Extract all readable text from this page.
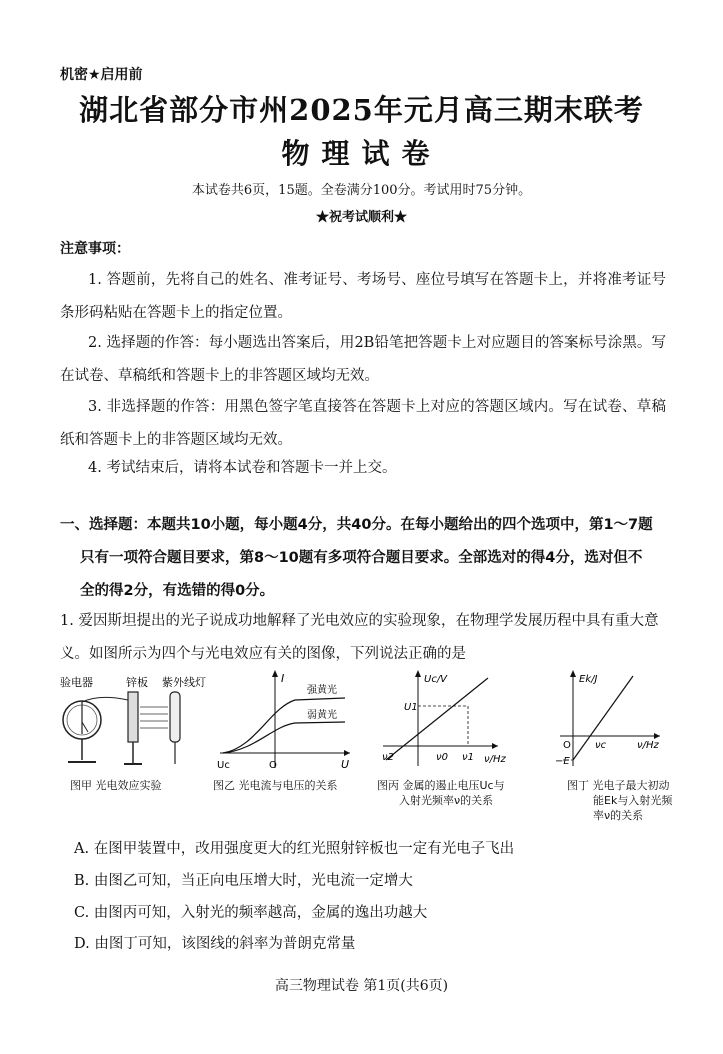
机密★启用前
湖北省部分市州2025年元月高三期末联考
物理试卷
本试卷共6页，15题。全卷满分100分。考试用时75分钟。
★祝考试顺利★
注意事项：
1. 答题前，先将自己的姓名、准考证号、考场号、座位号填写在答题卡上，并将准考证号条形码粘贴在答题卡上的指定位置。
2. 选择题的作答：每小题选出答案后，用2B铅笔把答题卡上对应题目的答案标号涂黑。写在试卷、草稿纸和答题卡上的非答题区域均无效。
3. 非选择题的作答：用黑色签字笔直接答在答题卡上对应的答题区域内。写在试卷、草稿纸和答题卡上的非答题区域均无效。
4. 考试结束后，请将本试卷和答题卡一并上交。
一、选择题：本题共10小题，每小题4分，共40分。在每小题给出的四个选项中，第1～7题
只有一项符合题目要求，第8～10题有多项符合题目要求。全部选对的得4分，选对但不
全的得2分，有选错的得0分。
1. 爱因斯坦提出的光子说成功地解释了光电效应的实验现象，在物理学发展历程中具有重大意义。如图所示为四个与光电效应有关的图像，下列说法正确的是
验电器	锌板 紫外线灯
图甲 光电效应实验
I
U
O
Uc
强黄光
弱黄光
图乙 光电流与电压的关系
Uc/V
ν/Hz
U1
ν2	ν0 ν1
图丙 金属的遏止电压Uc与
入射光频率ν的关系
Ek/J
ν/Hz
O νc
−E
图丁 光电子最大初动
能Ek与入射光频
率ν的关系
A. 在图甲装置中，改用强度更大的红光照射锌板也一定有光电子飞出
B. 由图乙可知，当正向电压增大时，光电流一定增大
C. 由图丙可知，入射光的频率越高，金属的逸出功越大
D. 由图丁可知，该图线的斜率为普朗克常量
高三物理试卷 第1页(共6页)
